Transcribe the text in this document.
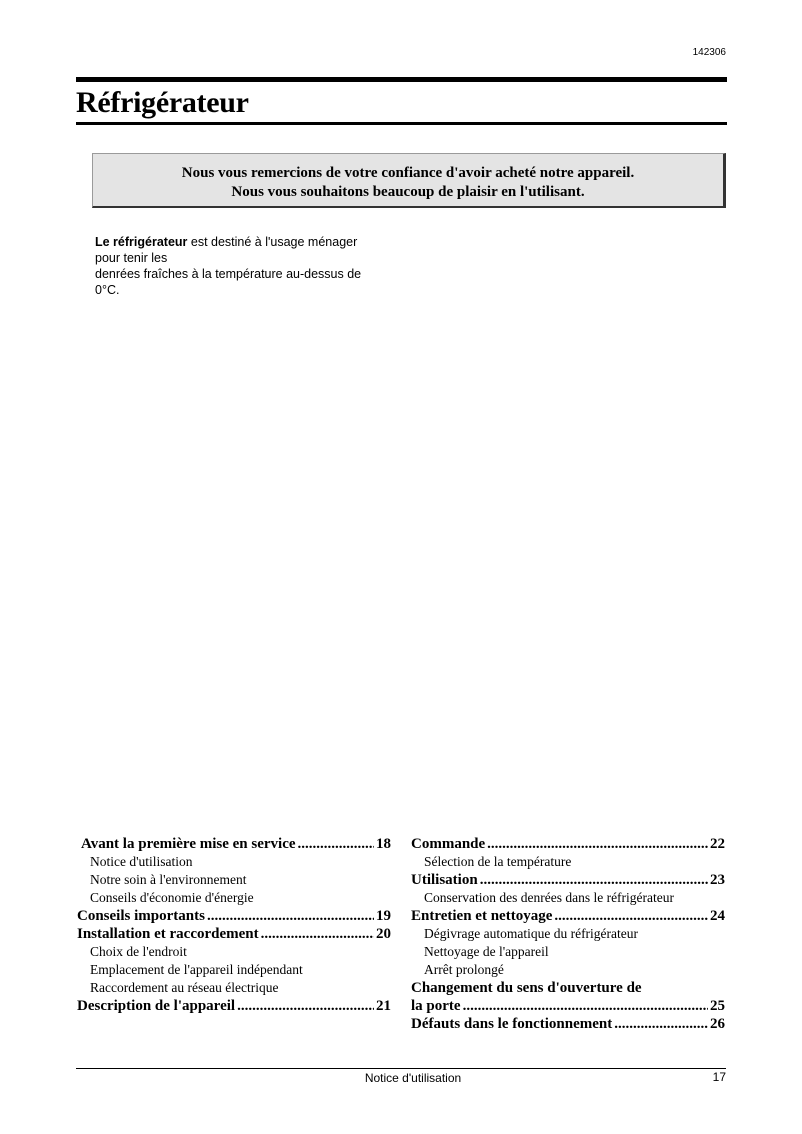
142306
Réfrigérateur
Nous vous remercions de votre confiance d'avoir acheté notre appareil.
Nous vous souhaitons beaucoup de plaisir en l'utilisant.

Le réfrigérateur est destiné à l'usage ménager

pour tenir les

denrées fraîches à la température au-dessus de

0°C.

Avant la première mise en service .....	18
Notice d'utilisation
Notre soin à l'environnement
Conseils d'économie d'énergie
Conseils importants .....	19
Installation et raccordement .....	20
Choix de l'endroit
Emplacement de l'appareil indépendant
Raccordement au réseau électrique
Description de l'appareil .....	21
Commande .....	22
Sélection de la température
Utilisation .....	23
Conservation des denrées dans le réfrigérateur
Entretien et nettoyage .....	24
Dégivrage automatique du réfrigérateur
Nettoyage de l'appareil
Arrêt prolongé
Changement du sens d'ouverture de
la porte .....	25
Défauts dans le fonctionnement .....	26
Notice d'utilisation	17
